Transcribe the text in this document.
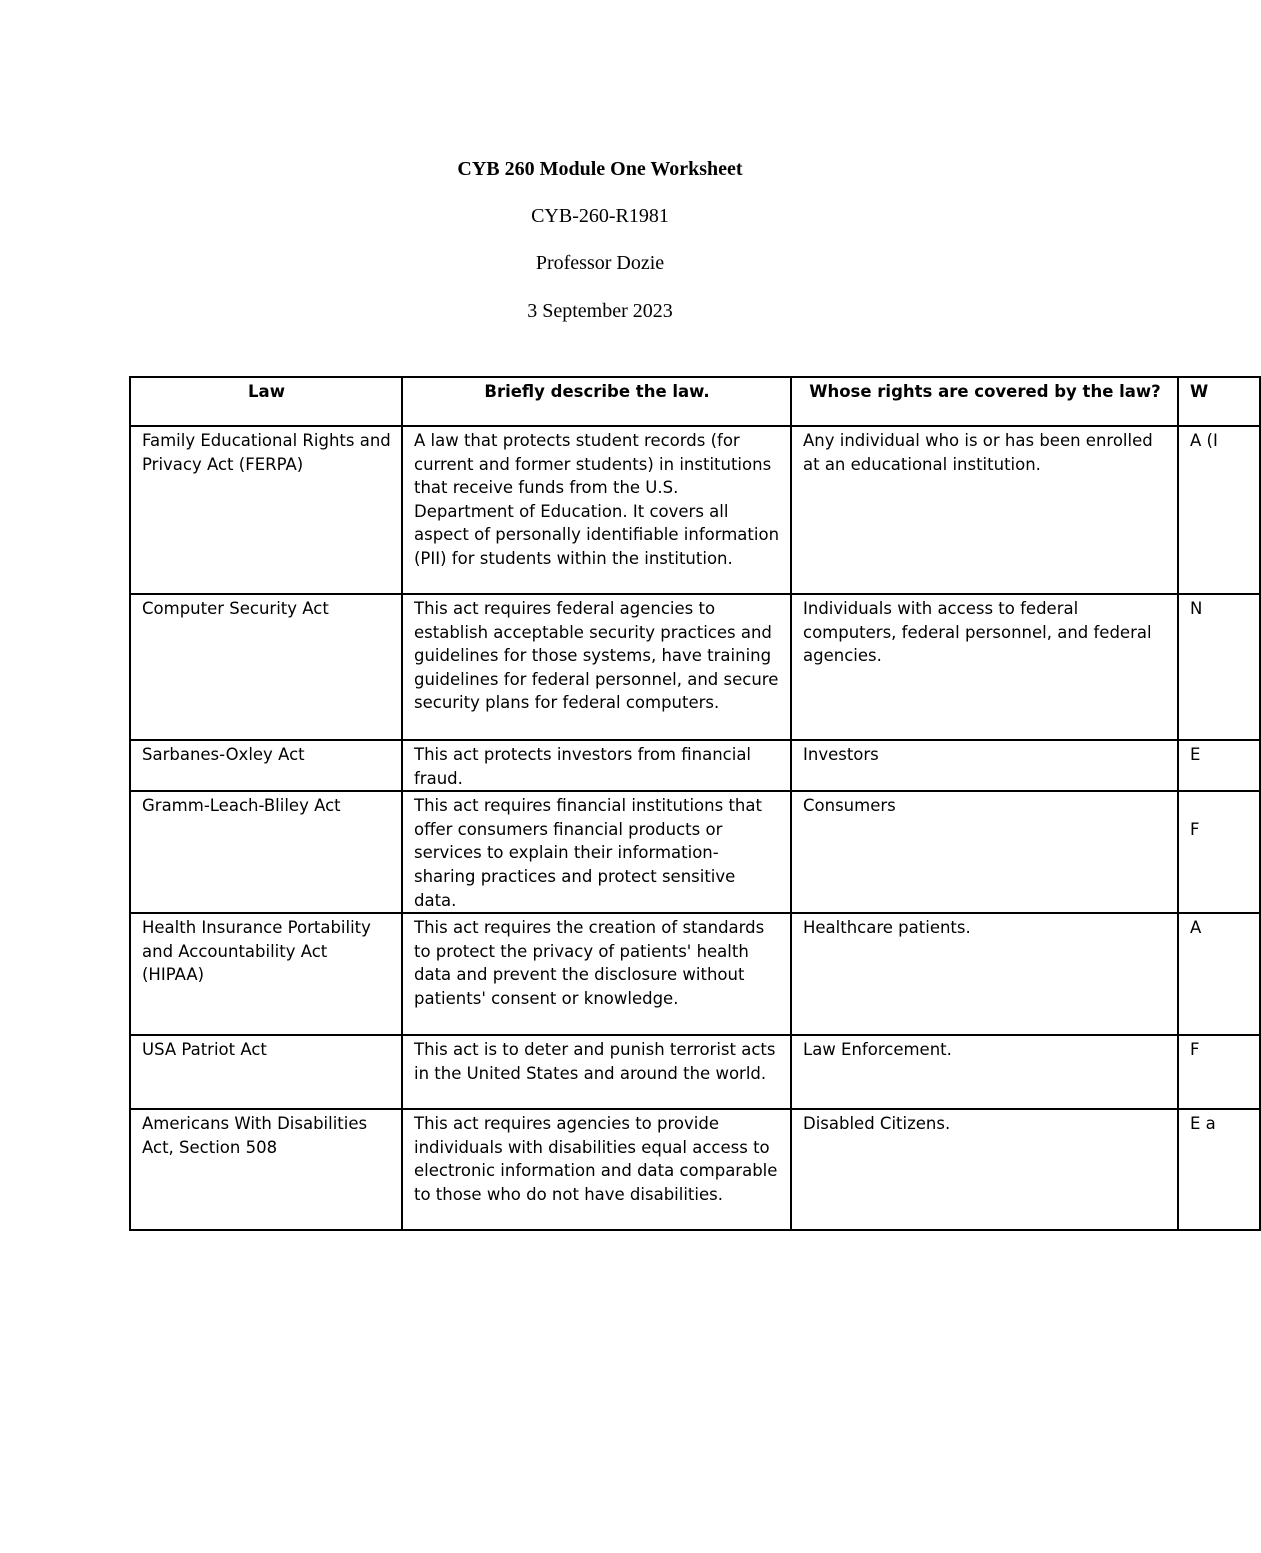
CYB 260 Module One Worksheet
CYB-260-R1981
Professor Dozie
3 September 2023
Law	Briefly describe the law.	Whose rights are covered by the law?	W
Family Educational Rights and Privacy Act (FERPA)	A law that protects student records (for current and former students) in institutions that receive funds from the U.S. Department of Education. It covers all aspect of personally identifiable information (PII) for students within the institution.	Any individual who is or has been enrolled at an educational institution.	A (I
Computer Security Act	This act requires federal agencies to establish acceptable security practices and guidelines for those systems, have training guidelines for federal personnel, and secure security plans for federal computers.	Individuals with access to federal computers, federal personnel, and federal agencies.	N
Sarbanes-Oxley Act	This act protects investors from financial fraud.	Investors	E
Gramm-Leach-Bliley Act	This act requires financial institutions that offer consumers financial products or services to explain their information-sharing practices and protect sensitive data.	Consumers	F
Health Insurance Portability and Accountability Act (HIPAA)	This act requires the creation of standards to protect the privacy of patients' health data and prevent the disclosure without patients' consent or knowledge.	Healthcare patients.	A
USA Patriot Act	This act is to deter and punish terrorist acts in the United States and around the world.	Law Enforcement.	F
Americans With Disabilities Act, Section 508	This act requires agencies to provide individuals with disabilities equal access to electronic information and data comparable to those who do not have disabilities.	Disabled Citizens.	E a
